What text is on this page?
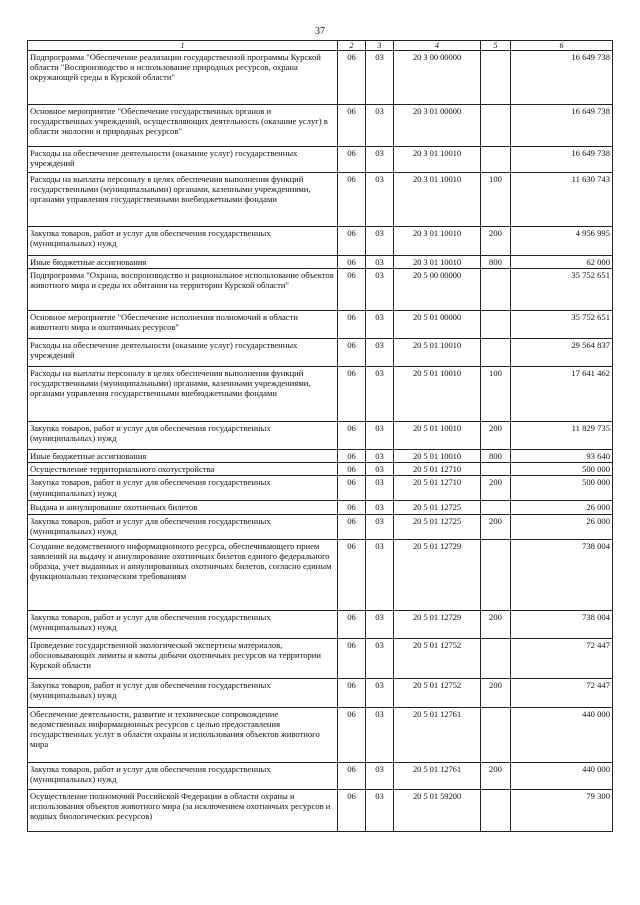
37
1	2	3	4	5	6
Подпрограмма "Обеспечение реализации государственной программы Курской области "Воспроизводство и использование природных ресурсов, охрана окружающей среды в Курской области"	06	03	20 3 00 00000		16 649 738
Основное мероприятие "Обеспечение государственных органов и государственных учреждений, осуществляющих деятельность (оказание услуг) в области экологии и природных ресурсов"	06	03	20 3 01 00000		16 649 738
Расходы на обеспечение деятельности (оказание услуг) государственных учреждений	06	03	20 3 01 10010		16 649 738
Расходы на выплаты персоналу в целях обеспечения выполнения функций государственными (муниципальными) органами, казенными учреждениями, органами управления государственными внебюджетными фондами	06	03	20 3 01 10010	100	11 630 743
Закупка товаров, работ и услуг для обеспечения государственных (муниципальных) нужд	06	03	20 3 01 10010	200	4 956 995
Иные бюджетные ассигнования	06	03	20 3 01 10010	800	62 000
Подпрограмма "Охрана, воспроизводство и рациональное использование объектов животного мира и среды их обитания на территории Курской области"	06	03	20 5 00 00000		35 752 651
Основное мероприятие "Обеспечение исполнения полномочий в области животного мира и охотничьих ресурсов"	06	03	20 5 01 00000		35 752 651
Расходы на обеспечение деятельности (оказание услуг) государственных учреждений	06	03	20 5 01 10010		29 564 837
Расходы на выплаты персоналу в целях обеспечения выполнения функций государственными (муниципальными) органами, казенными учреждениями, органами управления государственными внебюджетными фондами	06	03	20 5 01 10010	100	17 641 462
Закупка товаров, работ и услуг для обеспечения государственных (муниципальных) нужд	06	03	20 5 01 10010	200	11 829 735
Иные бюджетные ассигнования	06	03	20 5 01 10010	800	93 640
Осуществление территориального охотустройства	06	03	20 5 01 12710		500 000
Закупка товаров, работ и услуг для обеспечения государственных (муниципальных) нужд	06	03	20 5 01 12710	200	500 000
Выдача и аннулирование охотничьих билетов	06	03	20 5 01 12725		26 000
Закупка товаров, работ и услуг для обеспечения государственных (муниципальных) нужд	06	03	20 5 01 12725	200	26 000
Создание ведомственного информационного ресурса, обеспечивающего прием заявлений на выдачу и аннулирование охотничьих билетов единого федерального образца, учет выданных и аннулированных охотничьих билетов, согласно единым функционально техническим требованиям	06	03	20 5 01 12729		738 004
Закупка товаров, работ и услуг для обеспечения государственных (муниципальных) нужд	06	03	20 5 01 12729	200	738 004
Проведение государственной экологической экспертизы материалов, обосновывающих лимиты и квоты добычи охотничьих ресурсов на территории Курской области	06	03	20 5 01 12752		72 447
Закупка товаров, работ и услуг для обеспечения государственных (муниципальных) нужд	06	03	20 5 01 12752	200	72 447
Обеспечение деятельности, развитие и техническое сопровождение ведомственных информационных ресурсов с целью предоставления государственных услуг в области охраны и использования объектов животного мира	06	03	20 5 01 12761		440 000
Закупка товаров, работ и услуг для обеспечения государственных (муниципальных) нужд	06	03	20 5 01 12761	200	440 000
Осуществление полномочий Российской Федерации в области охраны и использования объектов животного мира (за исключением охотничьих ресурсов и водных биологических ресурсов)	06	03	20 5 01 59200		79 300
